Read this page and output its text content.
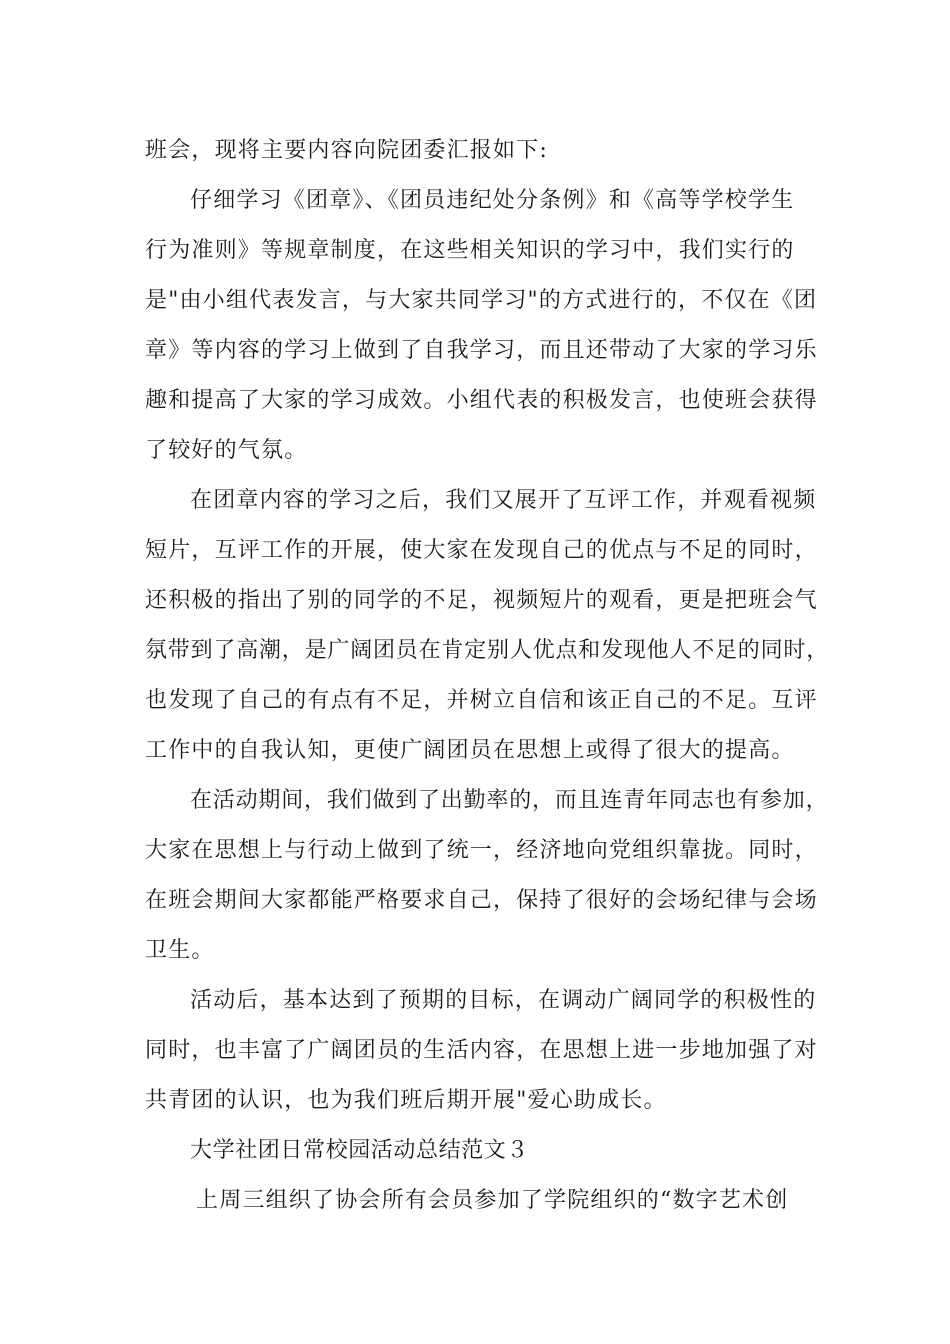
班会，现将主要内容向院团委汇报如下:
仔细学习《团章》、《团员违纪处分条例》和《高等学校学生
行为准则》等规章制度，在这些相关知识的学习中，我们实行的
是"由小组代表发言，与大家共同学习"的方式进行的，不仅在《团
章》等内容的学习上做到了自我学习，而且还带动了大家的学习乐
趣和提高了大家的学习成效。小组代表的积极发言，也使班会获得
了较好的气氛。
在团章内容的学习之后，我们又展开了互评工作，并观看视频
短片，互评工作的开展，使大家在发现自己的优点与不足的同时，
还积极的指出了别的同学的不足，视频短片的观看，更是把班会气
氛带到了高潮，是广阔团员在肯定别人优点和发现他人不足的同时，
也发现了自己的有点有不足，并树立自信和该正自己的不足。互评
工作中的自我认知，更使广阔团员在思想上或得了很大的提高。
在活动期间，我们做到了出勤率的，而且连青年同志也有参加，
大家在思想上与行动上做到了统一，经济地向党组织靠拢。同时，
在班会期间大家都能严格要求自己，保持了很好的会场纪律与会场
卫生。
活动后，基本达到了预期的目标，在调动广阔同学的积极性的
同时，也丰富了广阔团员的生活内容，在思想上进一步地加强了对
共青团的认识，也为我们班后期开展"爱心助成长。
大学社团日常校园活动总结范文３
上周三组织了协会所有会员参加了学院组织的“数字艺术创
